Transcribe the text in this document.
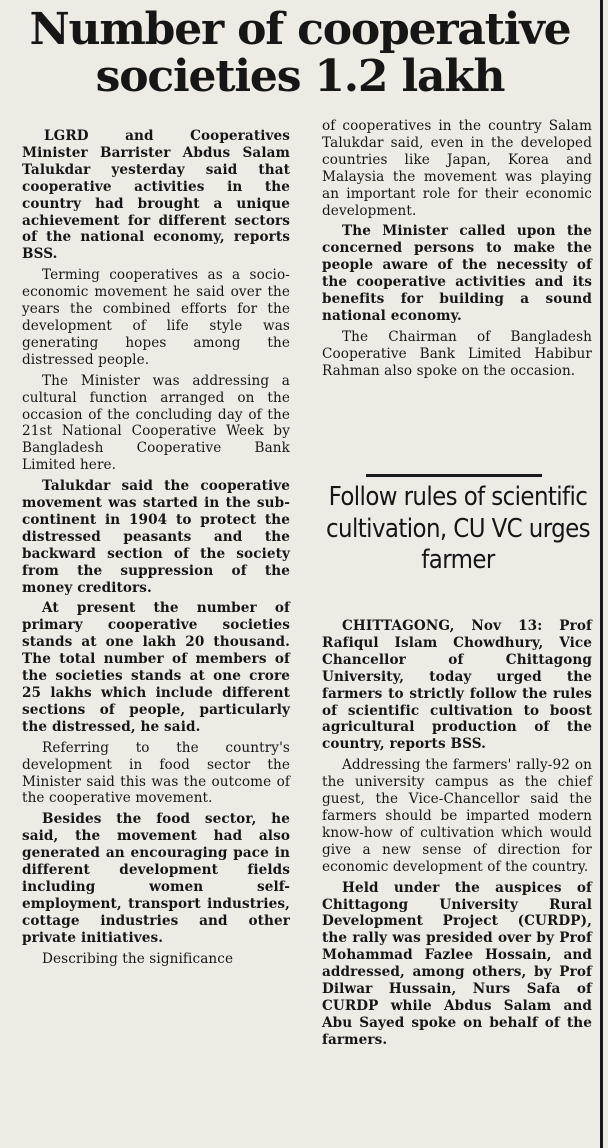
Number of cooperative
societies 1.2 lakh

LGRD and Cooperatives Minister Barrister Abdus Salam Talukdar yesterday said that cooperative activities in the country had brought a unique achievement for different sectors of the national economy, reports BSS.

Terming cooperatives as a socio-economic movement he said over the years the combined efforts for the development of life style was generating hopes among the distressed people.

The Minister was addressing a cultural function arranged on the occasion of the concluding day of the 21st National Cooperative Week by Bangladesh Cooperative Bank Limited here.

Talukdar said the cooperative movement was started in the sub-continent in 1904 to protect the distressed peasants and the backward section of the society from the suppression of the money creditors.

At present the number of primary cooperative societies stands at one lakh 20 thousand. The total number of members of the societies stands at one crore 25 lakhs which include different sections of people, particularly the distressed, he said.

Referring to the country's development in food sector the Minister said this was the outcome of the cooperative movement.

Besides the food sector, he said, the movement had also generated an encouraging pace in different development fields including women self-employment, transport industries, cottage industries and other private initiatives.

Describing the significance

of cooperatives in the country Salam Talukdar said, even in the developed countries like Japan, Korea and Malaysia the movement was playing an important role for their economic development.

The Minister called upon the concerned persons to make the people aware of the necessity of the cooperative activities and its benefits for building a sound national economy.

The Chairman of Bangladesh Cooperative Bank Limited Habibur Rahman also spoke on the occasion.

Follow rules of scientific cultivation, CU VC urges farmer

CHITTAGONG, Nov 13: Prof Rafiqul Islam Chowdhury, Vice Chancellor of Chittagong University, today urged the farmers to strictly follow the rules of scientific cultivation to boost agricultural production of the country, reports BSS.

Addressing the farmers' rally-92 on the university campus as the chief guest, the Vice-Chancellor said the farmers should be imparted modern know-how of cultivation which would give a new sense of direction for economic development of the country.

Held under the auspices of Chittagong University Rural Development Project (CURDP), the rally was presided over by Prof Mohammad Fazlee Hossain, and addressed, among others, by Prof Dilwar Hussain, Nurs Safa of CURDP while Abdus Salam and Abu Sayed spoke on behalf of the farmers.
